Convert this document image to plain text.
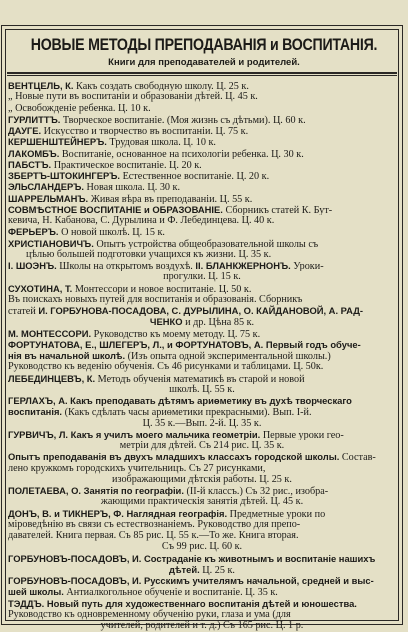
НОВЫЕ МЕТОДЫ ПРЕПОДАВАНІЯ и ВОСПИТАНІЯ.
Книги для преподавателей и родителей.
ВЕНТЦЕЛЬ, К. Какъ создать свободную школу. Ц. 25 к.
„ Новые пути въ воспитаніи и образованіи дѣтей. Ц. 45 к.
„ Освобожденіе ребенка. Ц. 10 к.
ГУРЛИТТЪ. Творческое воспитаніе. (Моя жизнь съ дѣтьми). Ц. 60 к.
ДАУГЕ. Искусство и творчество въ воспитаніи. Ц. 75 к.
КЕРШЕНШТЕЙНЕРЪ. Трудовая школа. Ц. 10 к.
ЛАКОМБЪ. Воспитаніе, основанное на психологіи ребенка. Ц. 30 к.
ПАБСТЪ. Практическое воспитаніе. Ц. 20 к.
ЗБЕРТЪ-ШТОКИНГЕРЪ. Естественное воспитаніе. Ц. 20 к.
ЭЛЬСЛАНДЕРЪ. Новая школа. Ц. 30 к.
ШАРРЕЛЬМАНЪ. Живая вѣра въ преподаваніи. Ц. 55 к.
СОВМѢСТНОЕ ВОСПИТАНІЕ и ОБРАЗОВАНІЕ. Сборникъ статей К. Бут-
кевича, Н. Кабанова, С. Дурылина и Ф. Лебединцева. Ц. 40 к.
ФЕРЬЕРЪ. О новой школѣ. Ц. 15 к.
ХРИСТІАНОВИЧЪ. Опытъ устройства общеобразовательной школы съ
цѣлью большей подготовки учащихся къ жизни. Ц. 35 к.
І. ШОЭНЪ. Школы на открытомъ воздухѣ. ІІ. БЛАНКЖЕРНОНЪ. Уроки-
прогулки. Ц. 15 к.
СУХОТИНА, Т. Монтессори и новое воспитаніе. Ц. 50 к.
Въ поискахъ новыхъ путей для воспитанія и образованія. Сборникъ
статей И. ГОРБУНОВА-ПОСАДОВА, С. ДУРЫЛИНА, О. КАЙДАНОВОЙ, А. РАД-
ЧЕНКО и др. Цѣна 85 к.
М. МОНТЕССОРИ. Руководство къ моему методу. Ц. 75 к.
ФОРТУНАТОВА, Е., ШЛЕГЕРЪ, Л., и ФОРТУНАТОВЪ, А. Первый годъ обуче-
нія въ начальной школѣ. (Изъ опыта одной экспериментальной школы.)
Руководство къ веденію обученія. Съ 46 рисунками и таблицами. Ц. 50к.
ЛЕБЕДИНЦЕВЪ, К. Методъ обученія математикѣ въ старой и новой
школѣ. Ц. 55 к.
ГЕРЛАХЪ, А. Какъ преподавать дѣтямъ ариѳметику въ духѣ творческаго
воспитанія. (Какъ сдѣлать часы ариѳметики прекрасными). Вып. І-й.
Ц. 35 к.—Вып. 2-й. Ц. 35 к.
ГУРВИЧЪ, Л. Какъ я училъ моего мальчика геометріи. Первые уроки гео-
метріи для дѣтей. Съ 214 рис. Ц. 35 к.
Опытъ преподаванія въ двухъ младшихъ классахъ городской школы. Состав-
лено кружкомъ городскихъ учительницъ. Съ 27 рисунками,
изображающими дѣтскія работы. Ц. 25 к.
ПОЛЕТАЕВА, О. Занятія по географіи. (ІІ-й классъ.) Съ 32 рис., изобра-
жающими практическія занятія дѣтей. Ц. 45 к.
ДОНЪ, В. и ТИКНЕРЪ, Ф. Наглядная географія. Предметные уроки по
мiроведѣнію въ связи съ естествознаніемъ. Руководство для препо-
давателей. Книга первая. Съ 85 рис. Ц. 55 к.—То же. Книга вторая.
Съ 99 рис. Ц. 60 к.
ГОРБУНОВЪ-ПОСАДОВЪ, И. Состраданіе къ животнымъ и воспитаніе нашихъ
дѣтей. Ц. 25 к.
ГОРБУНОВЪ-ПОСАДОВЪ, И. Русскимъ учителямъ начальной, средней и выс-
шей школы. Антиалкогольное обученіе и воспитаніе. Ц. 35 к.
ТЭДДЪ. Новый путь для художественнаго воспитанія дѣтей и юношества.
Руководство къ одновременному обученію руки, глаза и ума (для
учителей, родителей и т. д.) Съ 165 рис. Ц. 1 р.
